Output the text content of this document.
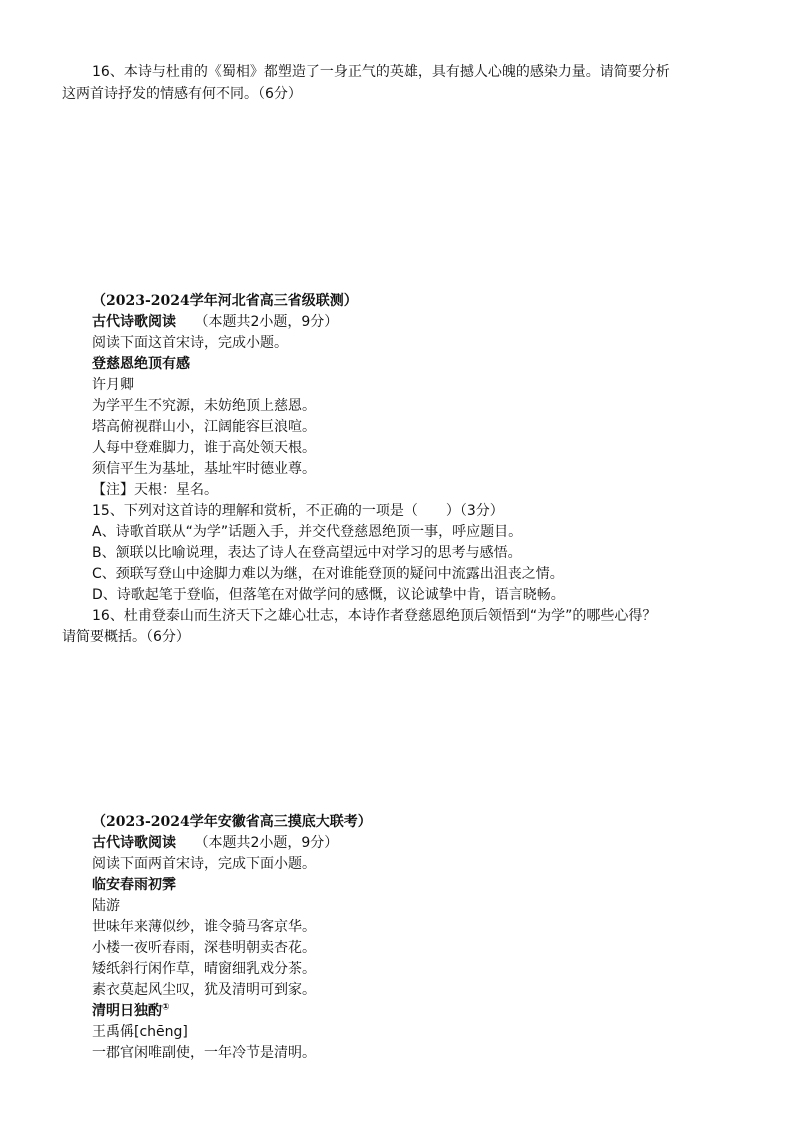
16、本诗与杜甫的《蜀相》都塑造了一身正气的英雄，具有撼人心魄的感染力量。请简要分析
这两首诗抒发的情感有何不同。（6分）
（2023-2024学年河北省高三省级联测）
古代诗歌阅读 （本题共2小题，9分）
阅读下面这首宋诗，完成小题。
登慈恩绝顶有感
许月卿
为学平生不究源，未妨绝顶上慈恩。
塔高俯视群山小，江阔能容巨浪喧。
人每中登难脚力，谁于高处领天根。
须信平生为基址，基址牢时德业尊。
【注】天根：星名。
15、下列对这首诗的理解和赏析，不正确的一项是（　　）（3分）
A、诗歌首联从“为学”话题入手，并交代登慈恩绝顶一事，呼应题目。
B、颔联以比喻说理，表达了诗人在登高望远中对学习的思考与感悟。
C、颈联写登山中途脚力难以为继，在对谁能登顶的疑问中流露出沮丧之情。
D、诗歌起笔于登临，但落笔在对做学问的感慨，议论诚挚中肯，语言晓畅。
16、杜甫登泰山而生济天下之雄心壮志，本诗作者登慈恩绝顶后领悟到“为学”的哪些心得？
请简要概括。（6分）
（2023-2024学年安徽省高三摸底大联考）
古代诗歌阅读 （本题共2小题，9分）
阅读下面两首宋诗，完成下面小题。
临安春雨初霁
陆游
世味年来薄似纱，谁令骑马客京华。
小楼一夜听春雨，深巷明朝卖杏花。
矮纸斜行闲作草，晴窗细乳戏分茶。
素衣莫起风尘叹，犹及清明可到家。
清明日独酌①
王禹偁[chēng]
一郡官闲唯副使，一年冷节是清明。
